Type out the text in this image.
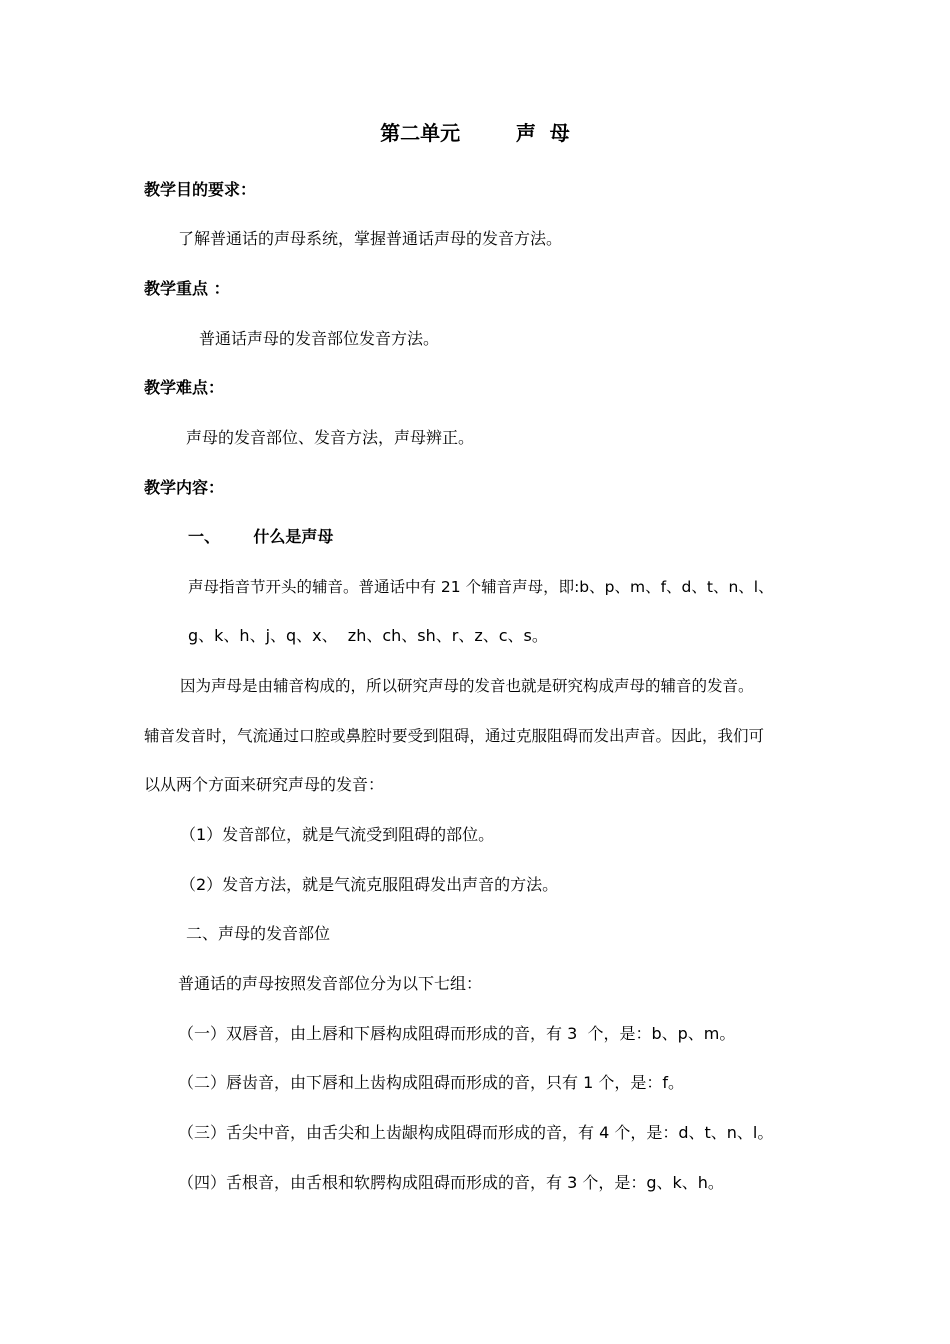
第二单元        声  母
教学目的要求：
了解普通话的声母系统，掌握普通话声母的发音方法。
教学重点 ：
普通话声母的发音部位发音方法。
教学难点：
声母的发音部位、发音方法，声母辨正。
教学内容：
一、      什么是声母
声母指音节开头的辅音。普通话中有 21 个辅音声母，即:b、p、m、f、d、t、n、l、
g、k、h、j、q、x、  zh、ch、sh、r、z、c、s。
因为声母是由辅音构成的，所以研究声母的发音也就是研究构成声母的辅音的发音。
辅音发音时，气流通过口腔或鼻腔时要受到阻碍，通过克服阻碍而发出声音。因此，我们可
以从两个方面来研究声母的发音：
（1）发音部位，就是气流受到阻碍的部位。
（2）发音方法，就是气流克服阻碍发出声音的方法。
二、声母的发音部位
普通话的声母按照发音部位分为以下七组：
（一）双唇音，由上唇和下唇构成阻碍而形成的音，有 3  个，是：b、p、m。
（二）唇齿音，由下唇和上齿构成阻碍而形成的音，只有 1 个，是：f。
（三）舌尖中音，由舌尖和上齿龈构成阻碍而形成的音，有 4 个，是：d、t、n、l。
（四）舌根音，由舌根和软腭构成阻碍而形成的音，有 3 个，是：g、k、h。
